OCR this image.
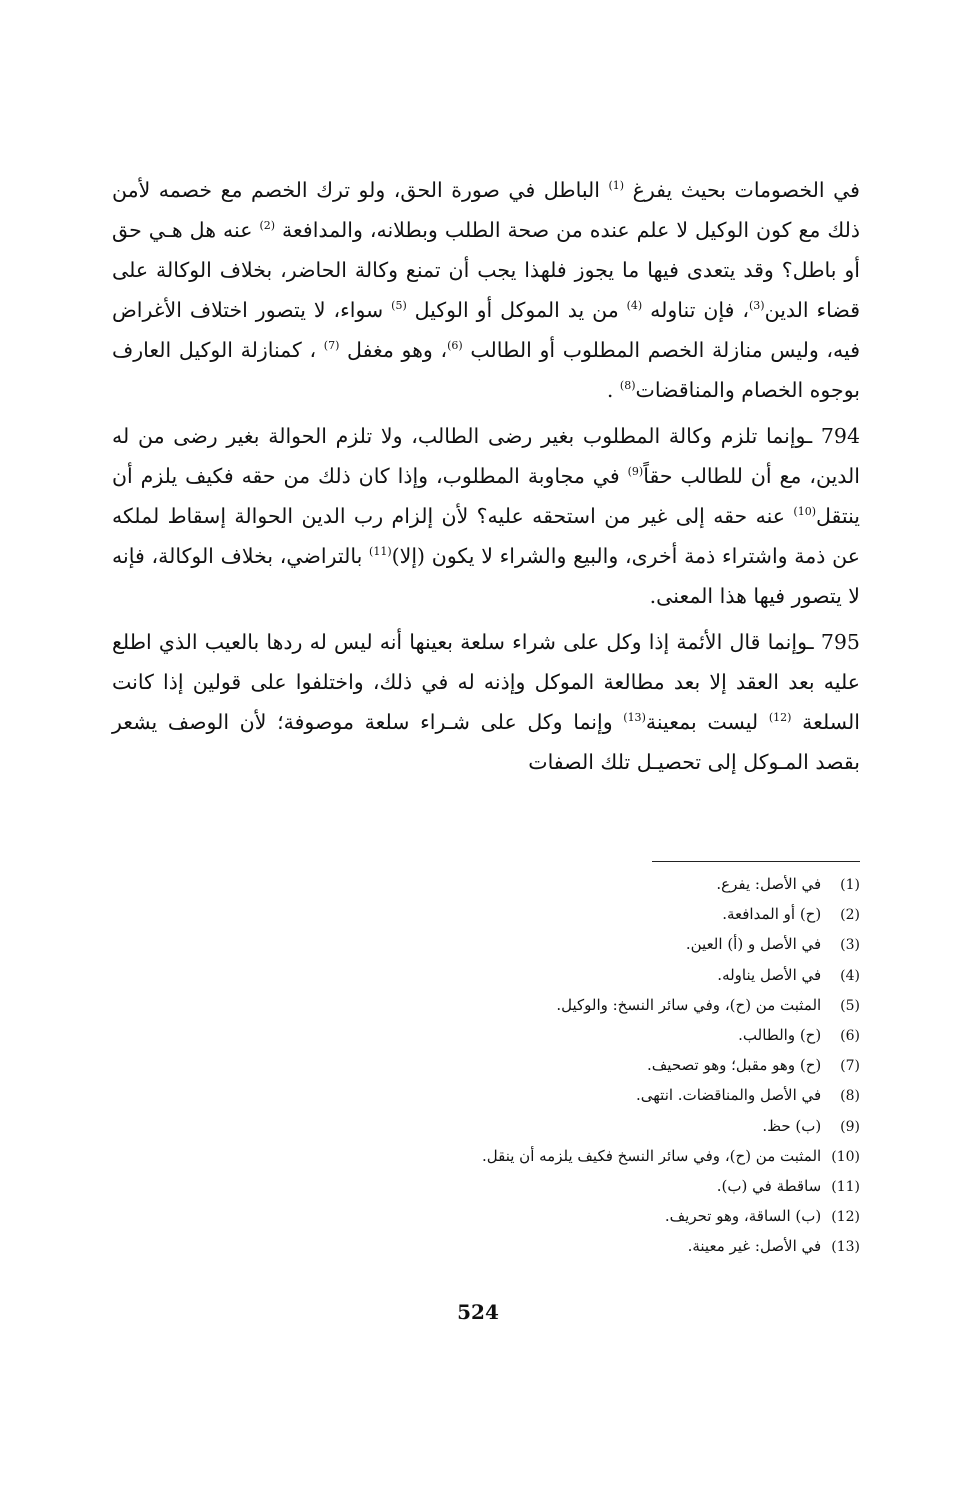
في الخصومات بحيث يفرغ $^{(1)}$ الباطل في صورة الحق، ولو ترك الخصم مع خصمه لأمن ذلك مع كون الوكيل لا علم عنده من صحة الطلب وبطلانه، والمدافعة $^{(2)}$ عنه هل هـي حق أو باطل؟ وقد يتعدى فيها ما يجوز فلهذا يجب أن تمنع وكالة الحاضر، بخلاف الوكالة على قضاء الدين$^{(3)}$، فإن تناوله $^{(4)}$ من يد الموكل أو الوكيل $^{(5)}$ سواء، لا يتصور اختلاف الأغراض فيه، وليس منازلة الخصم المطلوب أو الطالب $^{(6)}$، وهو مغفل $^{(7)}$ ، كمنازلة الوكيل العارف بوجوه الخصام والمناقضات$^{(8)}$ .

794 ـوإنما تلزم وكالة المطلوب بغير رضى الطالب، ولا تلزم الحوالة بغير رضى من له الدين، مع أن للطالب حقاً$^{(9)}$ في مجاوبة المطلوب، وإذا كان ذلك من حقه فكيف يلزم أن ينتقل$^{(10)}$ عنه حقه إلى غير من استحقه عليه؟ لأن إلزام رب الدين الحوالة إسقاط لملكه عن ذمة واشتراء ذمة أخرى، والبيع والشراء لا يكون (إلا)$^{(11)}$ بالتراضي، بخلاف الوكالة، فإنه لا يتصور فيها هذا المعنى.

795 ـوإنما قال الأئمة إذا وكل على شراء سلعة بعينها أنه ليس له ردها بالعيب الذي اطلع عليه بعد العقد إلا بعد مطالعة الموكل وإذنه له في ذلك، واختلفوا على قولين إذا كانت السلعة $^{(12)}$ ليست بمعينة$^{(13)}$ وإنما وكل على شـراء سلعة موصوفة؛ لأن الوصف يشعر بقصد المـوكل إلى تحصيـل تلك الصفات

(1) في الأصل: يفرع.
(2) (ح) أو المدافعة.
(3) في الأصل و (أ) العين.
(4) في الأصل يناوله.
(5) المثبت من (ح)، وفي سائر النسخ: والوكيل.
(6) (ح) والطالب.
(7) (ح) وهو مقبل؛ وهو تصحيف.
(8) في الأصل والمناقضات. انتهى.
(9) (ب) حظ.
(10) المثبت من (ح)، وفي سائر النسخ فكيف يلزمه أن ينقل.
(11) ساقطة في (ب).
(12) (ب) الساقة، وهو تحريف.
(13) في الأصل: غير معينة.
524
